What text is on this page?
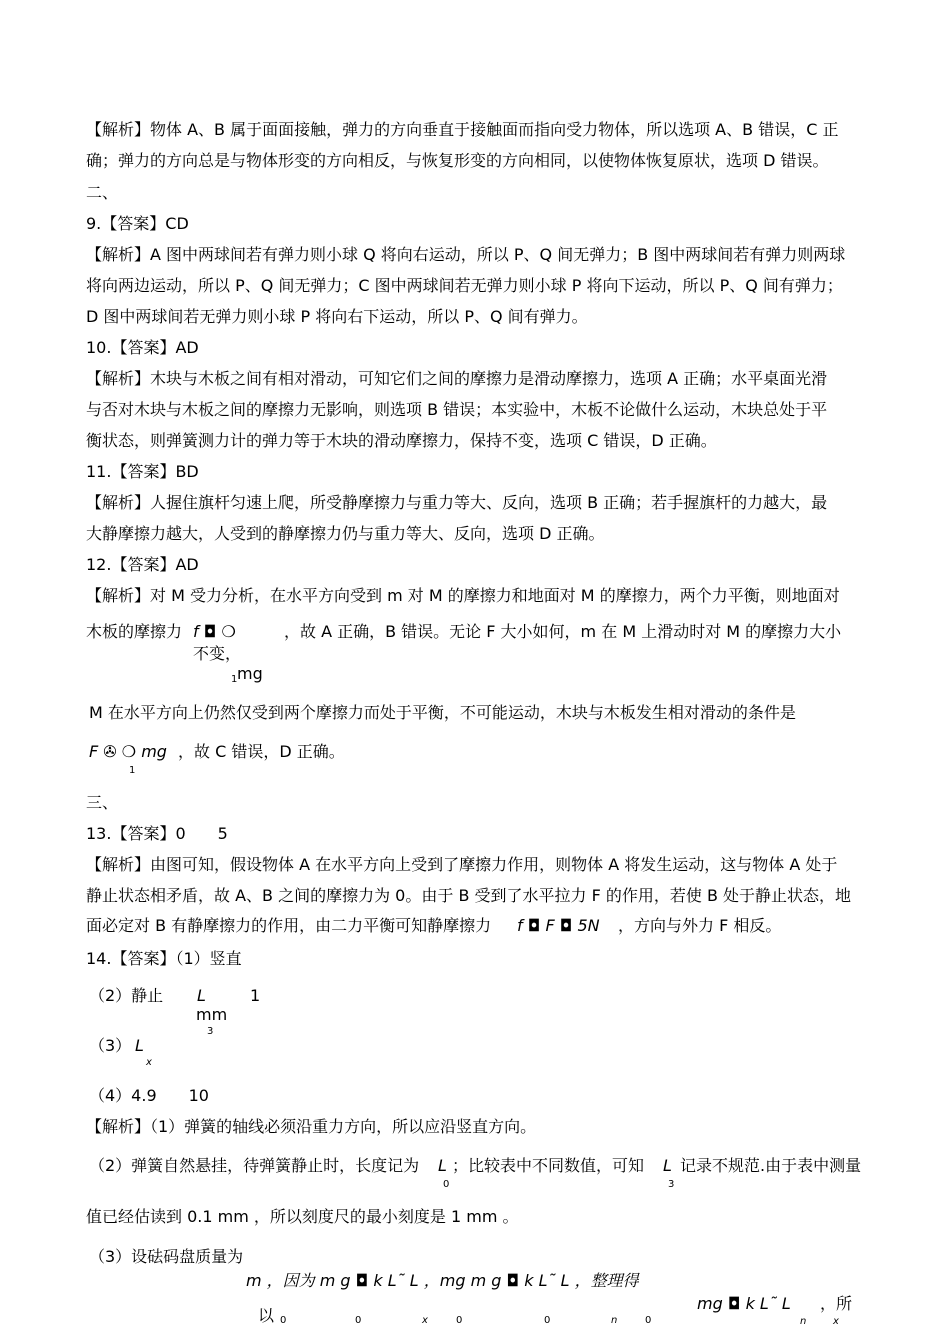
【解析】物体 A、B 属于面面接触，弹力的方向垂直于接触面而指向受力物体，所以选项 A、B 错误，C 正
确；弹力的方向总是与物体形变的方向相反，与恢复形变的方向相同，以使物体恢复原状，选项 D 错误。
二、
9.【答案】CD
【解析】A 图中两球间若有弹力则小球 Q 将向右运动，所以 P、Q 间无弹力；B 图中两球间若有弹力则两球
将向两边运动，所以 P、Q 间无弹力；C 图中两球间若无弹力则小球 P 将向下运动，所以 P、Q 间有弹力；
D 图中两球间若无弹力则小球 P 将向右下运动，所以 P、Q 间有弹力。
10.【答案】AD
【解析】木块与木板之间有相对滑动，可知它们之间的摩擦力是滑动摩擦力，选项 A 正确；水平桌面光滑
与否对木块与木板之间的摩擦力无影响，则选项 B 错误；本实验中，木板不论做什么运动，木块总处于平
衡状态，则弹簧测力计的弹力等于木块的滑动摩擦力，保持不变，选项 C 错误，D 正确。
11.【答案】BD
【解析】人握住旗杆匀速上爬，所受静摩擦力与重力等大、反向，选项 B 正确；若手握旗杆的力越大，最
大静摩擦力越大，人受到的静摩擦力仍与重力等大、反向，选项 D 正确。
12.【答案】AD
【解析】对 M 受力分析，在水平方向受到 m 对 M 的摩擦力和地面对 M 的摩擦力，两个力平衡，则地面对
木板的摩擦力 f ◘ ❍	，故 A 正确，B 错误。无论 F 大小如何，m 在 M 上滑动时对 M 的摩擦力大小
不变，
1 mg
M 在水平方向上仍然仅受到两个摩擦力而处于平衡，不可能运动，木块与木板发生相对滑动的条件是
F ✇ ❍ mg ，故 C 错误，D 正确。
1
三、
13.【答案】0　　5
【解析】由图可知，假设物体 A 在水平方向上受到了摩擦力作用，则物体 A 将发生运动，这与物体 A 处于
静止状态相矛盾，故 A、B 之间的摩擦力为 0。由于 B 受到了水平拉力 F 的作用，若使 B 处于静止状态，地
面必定对 B 有静摩擦力的作用，由二力平衡可知静摩擦力 f ◘ F ◘ 5N ，方向与外力 F 相反。
14.【答案】（1）竖直
（2）静止 L	1
mm
3
（3） L
x
（4）4.9　　10
【解析】（1）弹簧的轴线必须沿重力方向，所以应沿竖直方向。
（2）弹簧自然悬挂，待弹簧静止时，长度记为 L ；比较表中不同数值，可知 L 记录不规范.由于表中测量
0	3
值已经估读到 0.1 mm ，所以刻度尺的最小刻度是 1 mm 。
（3）设砝码盘质量为
m ，因为 m g ◘ k L˜ L ，mg m g ◘ k L˜ L ，整理得
以 0	0	x	0	0	n	0
mg ◘ k L˜ L ，所
n	x
